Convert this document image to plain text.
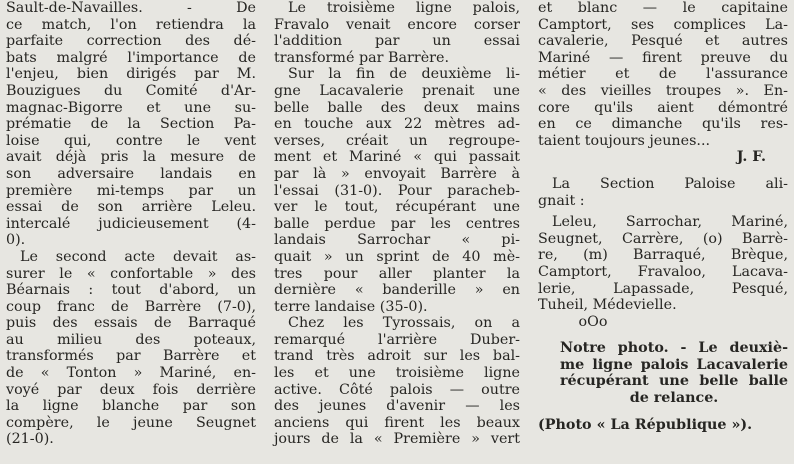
Sault-de-Navailles. - De
ce match, l'on retiendra la
parfaite correction des dé-
bats malgré l'importance de
l'enjeu, bien dirigés par M.
Bouzigues du Comité d'Ar-
magnac-Bigorre et une su-
prématie de la Section Pa-
loise qui, contre le vent
avait déjà pris la mesure de
son adversaire landais en
première mi-temps par un
essai de son arrière Leleu.
intercalé judicieusement (4-
0).
Le second acte devait as-
surer le « confortable » des
Béarnais : tout d'abord, un
coup franc de Barrère (7-0),
puis des essais de Barraqué
au milieu des poteaux,
transformés par Barrère et
de « Tonton » Mariné, en-
voyé par deux fois derrière
la ligne blanche par son
compère, le jeune Seugnet
(21-0).
Le troisième ligne palois,
Fravalo venait encore corser
l'addition par un essai
transformé par Barrère.
Sur la fin de deuxième li-
gne Lacavalerie prenait une
belle balle des deux mains
en touche aux 22 mètres ad-
verses, créait un regroupe-
ment et Mariné « qui passait
par là » envoyait Barrère à
l'essai (31-0). Pour paracheb-
ver le tout, récupérant une
balle perdue par les centres
landais Sarrochar « pi-
quait » un sprint de 40 mè-
tres pour aller planter la
dernière « banderille » en
terre landaise (35-0).
Chez les Tyrossais, on a
remarqué l'arrière Duber-
trand très adroit sur les bal-
les et une troisième ligne
active. Côté palois — outre
des jeunes d'avenir — les
anciens qui firent les beaux
jours de la « Première » vert
et blanc — le capitaine
Camptort, ses complices La-
cavalerie, Pesqué et autres
Mariné — firent preuve du
métier et de l'assurance
« des vieilles troupes ». En-
core qu'ils aient démontré
en ce dimanche qu'ils res-
taient toujours jeunes...
J. F.
La Section Paloise ali-
gnait :
Leleu, Sarrochar, Mariné,
Seugnet, Carrère, (o) Barrè-
re, (m) Barraqué, Brèque,
Camptort, Fravaloo, Lacava-
lerie, Lapassade, Pesqué,
Tuheil, Médevielle.
oOo
Notre photo. - Le deuxiè-
me ligne palois Lacavalerie
récupérant une belle balle
de relance.
(Photo « La République »).
